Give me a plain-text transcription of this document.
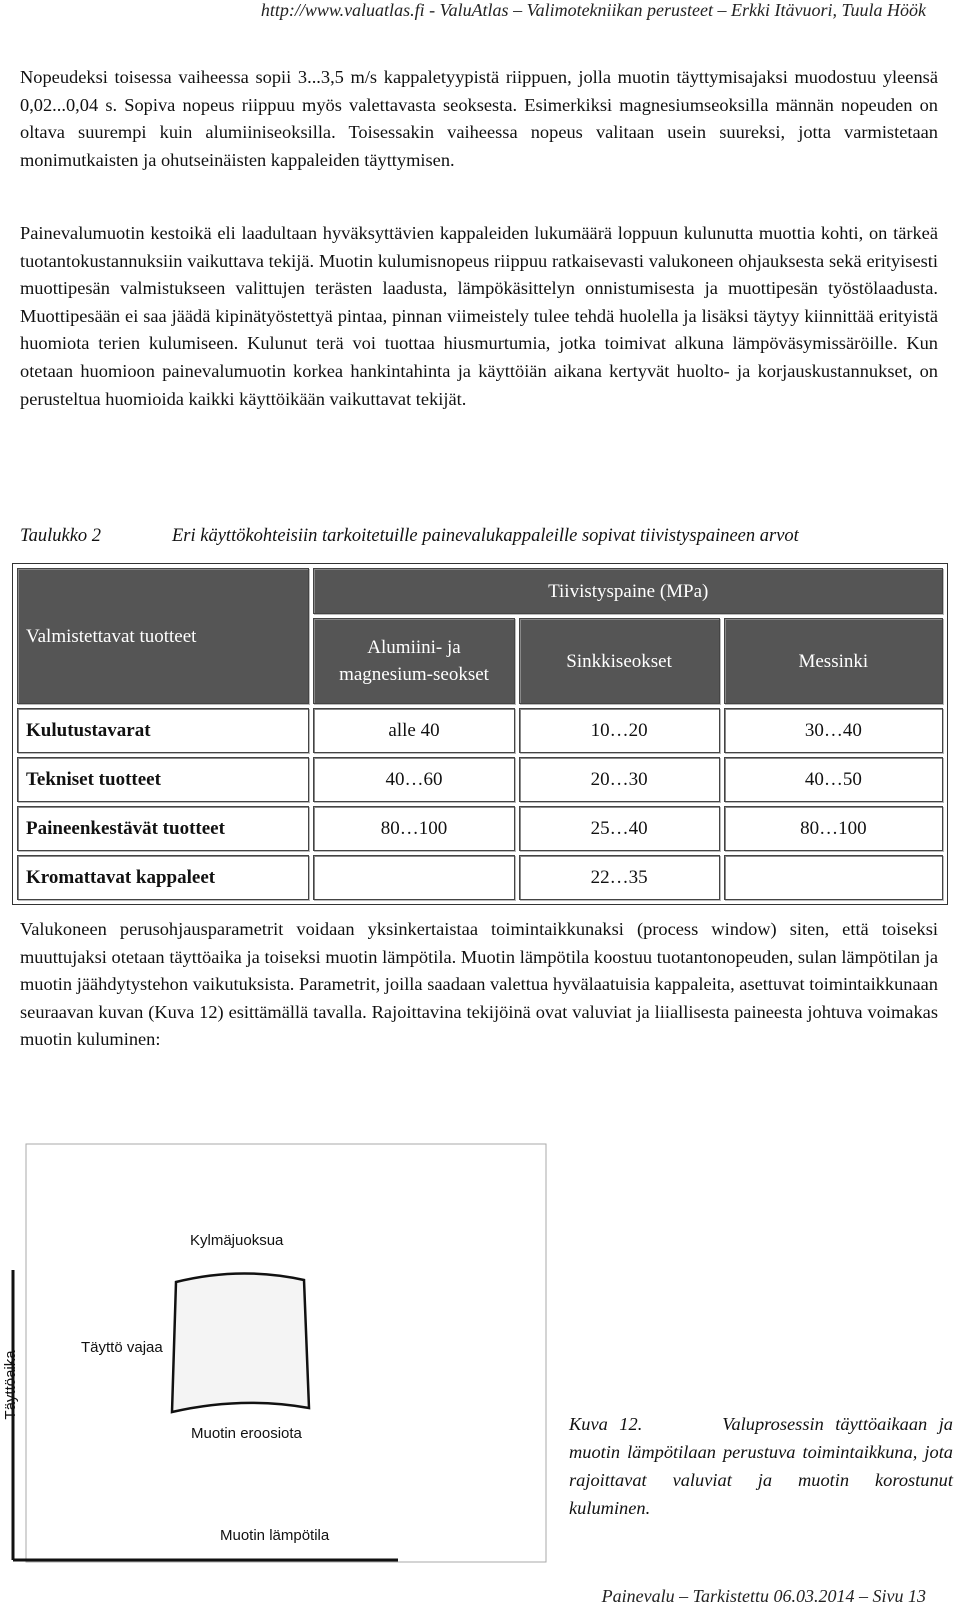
http://www.valuatlas.fi - ValuAtlas – Valimotekniikan perusteet – Erkki Itävuori, Tuula Höök

Nopeudeksi toisessa vaiheessa sopii 3...3,5 m/s kappaletyypistä riippuen, jolla muotin täyttymisajaksi muodostuu yleensä 0,02...0,04 s. Sopiva nopeus riippuu myös valettavasta seoksesta. Esimerkiksi magnesiumseoksilla männän nopeuden on oltava suurempi kuin alumiiniseoksilla. Toisessakin vaiheessa nopeus valitaan usein suureksi, jotta varmistetaan monimutkaisten ja ohutseinäisten kappaleiden täyttymisen.

Painevalumuotin kestoikä eli laadultaan hyväksyttävien kappaleiden lukumäärä loppuun kulunutta muottia kohti, on tärkeä tuotantokustannuksiin vaikuttava tekijä. Muotin kulumisnopeus riippuu ratkaisevasti valukoneen ohjauksesta sekä erityisesti muottipesän valmistukseen valittujen terästen laadusta, lämpökäsittelyn onnistumisesta ja muottipesän työstölaadusta. Muottipesään ei saa jäädä kipinätyöstettyä pintaa, pinnan viimeistely tulee tehdä huolella ja lisäksi täytyy kiinnittää erityistä huomiota terien kulumiseen. Kulunut terä voi tuottaa hiusmurtumia, jotka toimivat alkuna lämpöväsymissäröille. Kun otetaan huomioon painevalumuotin korkea hankintahinta ja käyttöiän aikana kertyvät huolto- ja korjauskustannukset, on perusteltua huomioida kaikki käyttöikään vaikuttavat tekijät.

Taulukko 2	Eri käyttökohteisiin tarkoitetuille painevalukappaleille sopivat tiivistyspaineen arvot
Valmistettavat tuotteet	Tiivistyspaine (MPa)		
	Alumiini- ja magnesium-seokset	Sinkkiseokset	Messinki
Kulutustavarat	alle 40	10…20	30…40
Tekniset tuotteet	40…60	20…30	40…50
Paineenkestävät tuotteet	80…100	25…40	80…100
Kromattavat kappaleet		22…35	

Valukoneen perusohjausparametrit voidaan yksinkertaistaa toimintaikkunaksi (process window) siten, että toiseksi muuttujaksi otetaan täyttöaika ja toiseksi muotin lämpötila. Muotin lämpötila koostuu tuotantonopeuden, sulan lämpötilan ja muotin jäähdytystehon vaikutuksista. Parametrit, joilla saadaan valettua hyvälaatuisia kappaleita, asettuvat toimintaikkunaan seuraavan kuvan (Kuva 12) esittämällä tavalla. Rajoittavina tekijöinä ovat valuviat ja liiallisesta paineesta johtuva voimakas muotin kuluminen:

Kylmäjuoksua
Täyttö vajaa
Muotin eroosiota
Muotin lämpötila
Täyttöaika

Kuva 12.	Valuprosessin täyttöaikaan ja muotin lämpötilaan perustuva toimintaikkuna, jota rajoittavat valuviat ja muotin korostunut kuluminen.

Painevalu – Tarkistettu 06.03.2014 – Sivu 13
